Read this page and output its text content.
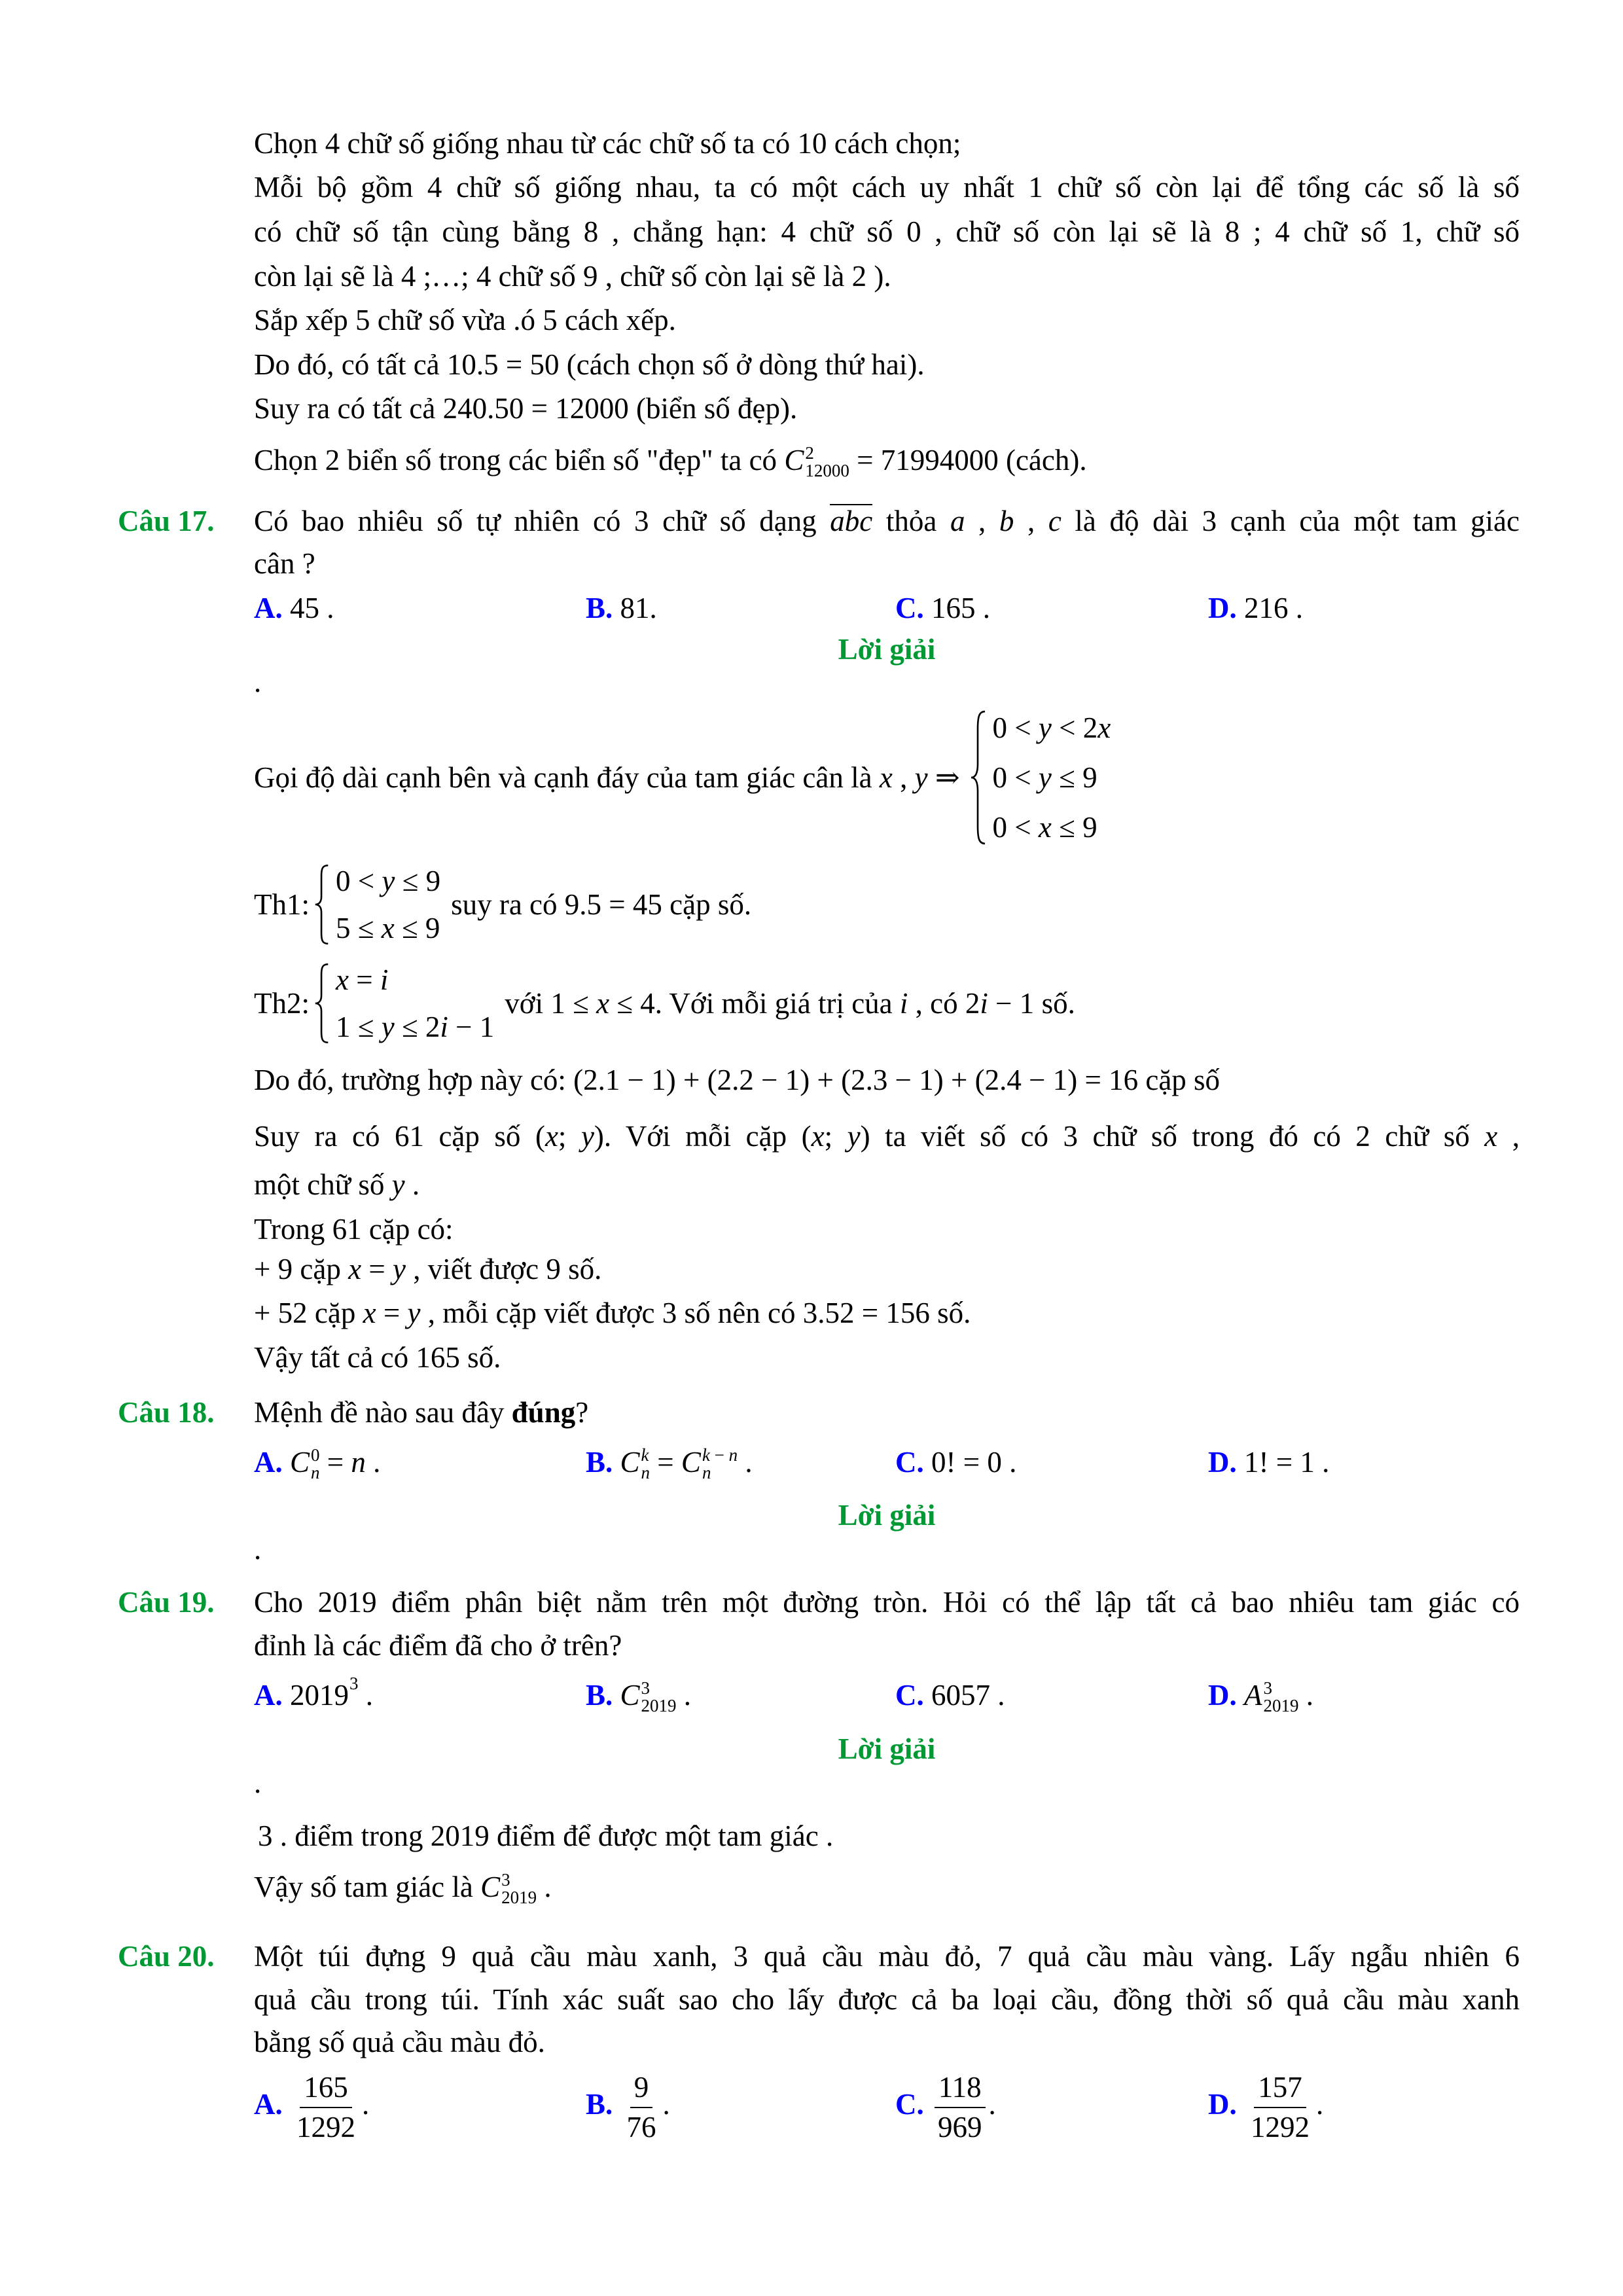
Chọn 4 chữ số giống nhau từ các chữ số ta có 10 cách chọn;
Mỗi bộ gồm 4 chữ số giống nhau, ta có một cách uy nhất 1 chữ số còn lại để tổng các số là số
có chữ số tận cùng bằng 8 , chẳng hạn: 4 chữ số 0 , chữ số còn lại sẽ là 8 ; 4 chữ số 1, chữ số
còn lại sẽ là 4 ;…; 4 chữ số 9 , chữ số còn lại sẽ là 2 ).
Sắp xếp 5 chữ số vừa .ó 5 cách xếp.
Do đó, có tất cả 10.5 = 50 (cách chọn số ở dòng thứ hai).
Suy ra có tất cả 240.50 = 12000 (biển số đẹp).
Chọn 2 biển số trong các biển số "đẹp" ta có C 2
12000 = 71994000 (cách).
Câu 17. Có bao nhiêu số tự nhiên có 3 chữ số dạng abc thỏa a , b , c là độ dài 3 cạnh của một tam giác
cân ?
A. 45 .	B. 81.	C. 165 .	D. 216 .
Lời giải
.
Gọi độ dài cạnh bên và cạnh đáy của tam giác cân là x , y ⇒
0 < y < 2x
0 < y ≤ 9
0 < x ≤ 9
Th1:
0 < y ≤ 9
5 ≤ x ≤ 9
suy ra có 9.5 = 45 cặp số.
Th2:
x = i
1 ≤ y ≤ 2i − 1
với 1 ≤ x ≤ 4. Với mỗi giá trị của i , có 2i − 1 số.
Do đó, trường hợp này có: (2.1 − 1) + (2.2 − 1) + (2.3 − 1) + (2.4 − 1) = 16 cặp số
Suy ra có 61 cặp số (x; y). Với mỗi cặp (x; y) ta viết số có 3 chữ số trong đó có 2 chữ số x ,
một chữ số y .
Trong 61 cặp có:
+ 9 cặp x = y , viết được 9 số.
+ 52 cặp x = y , mỗi cặp viết được 3 số nên có 3.52 = 156 số.
Vậy tất cả có 165 số.
Câu 18. Mệnh đề nào sau đây đúng?
A. C 0
n = n .	B. C k
n = C k − n
n .	C. 0! = 0 .	D. 1! = 1 .
Lời giải
.
Câu 19. Cho 2019 điểm phân biệt nằm trên một đường tròn. Hỏi có thể lập tất cả bao nhiêu tam giác có
đỉnh là các điểm đã cho ở trên?
A. 20193 .	B. C 3
2019 .	C. 6057 .	D. A 3
2019 .
Lời giải
.
3 . điểm trong 2019 điểm để được một tam giác .
Vậy số tam giác là C 3
2019 .
Câu 20. Một túi đựng 9 quả cầu màu xanh, 3 quả cầu màu đỏ, 7 quả cầu màu vàng. Lấy ngẫu nhiên 6
quả cầu trong túi. Tính xác suất sao cho lấy được cả ba loại cầu, đồng thời số quả cầu màu xanh
bằng số quả cầu màu đỏ.
A. $\frac{165}{1292}$ .	B. $\frac{9}{76}$ .	C. $\frac{118}{969}$ .	D. $\frac{157}{1292}$ .
